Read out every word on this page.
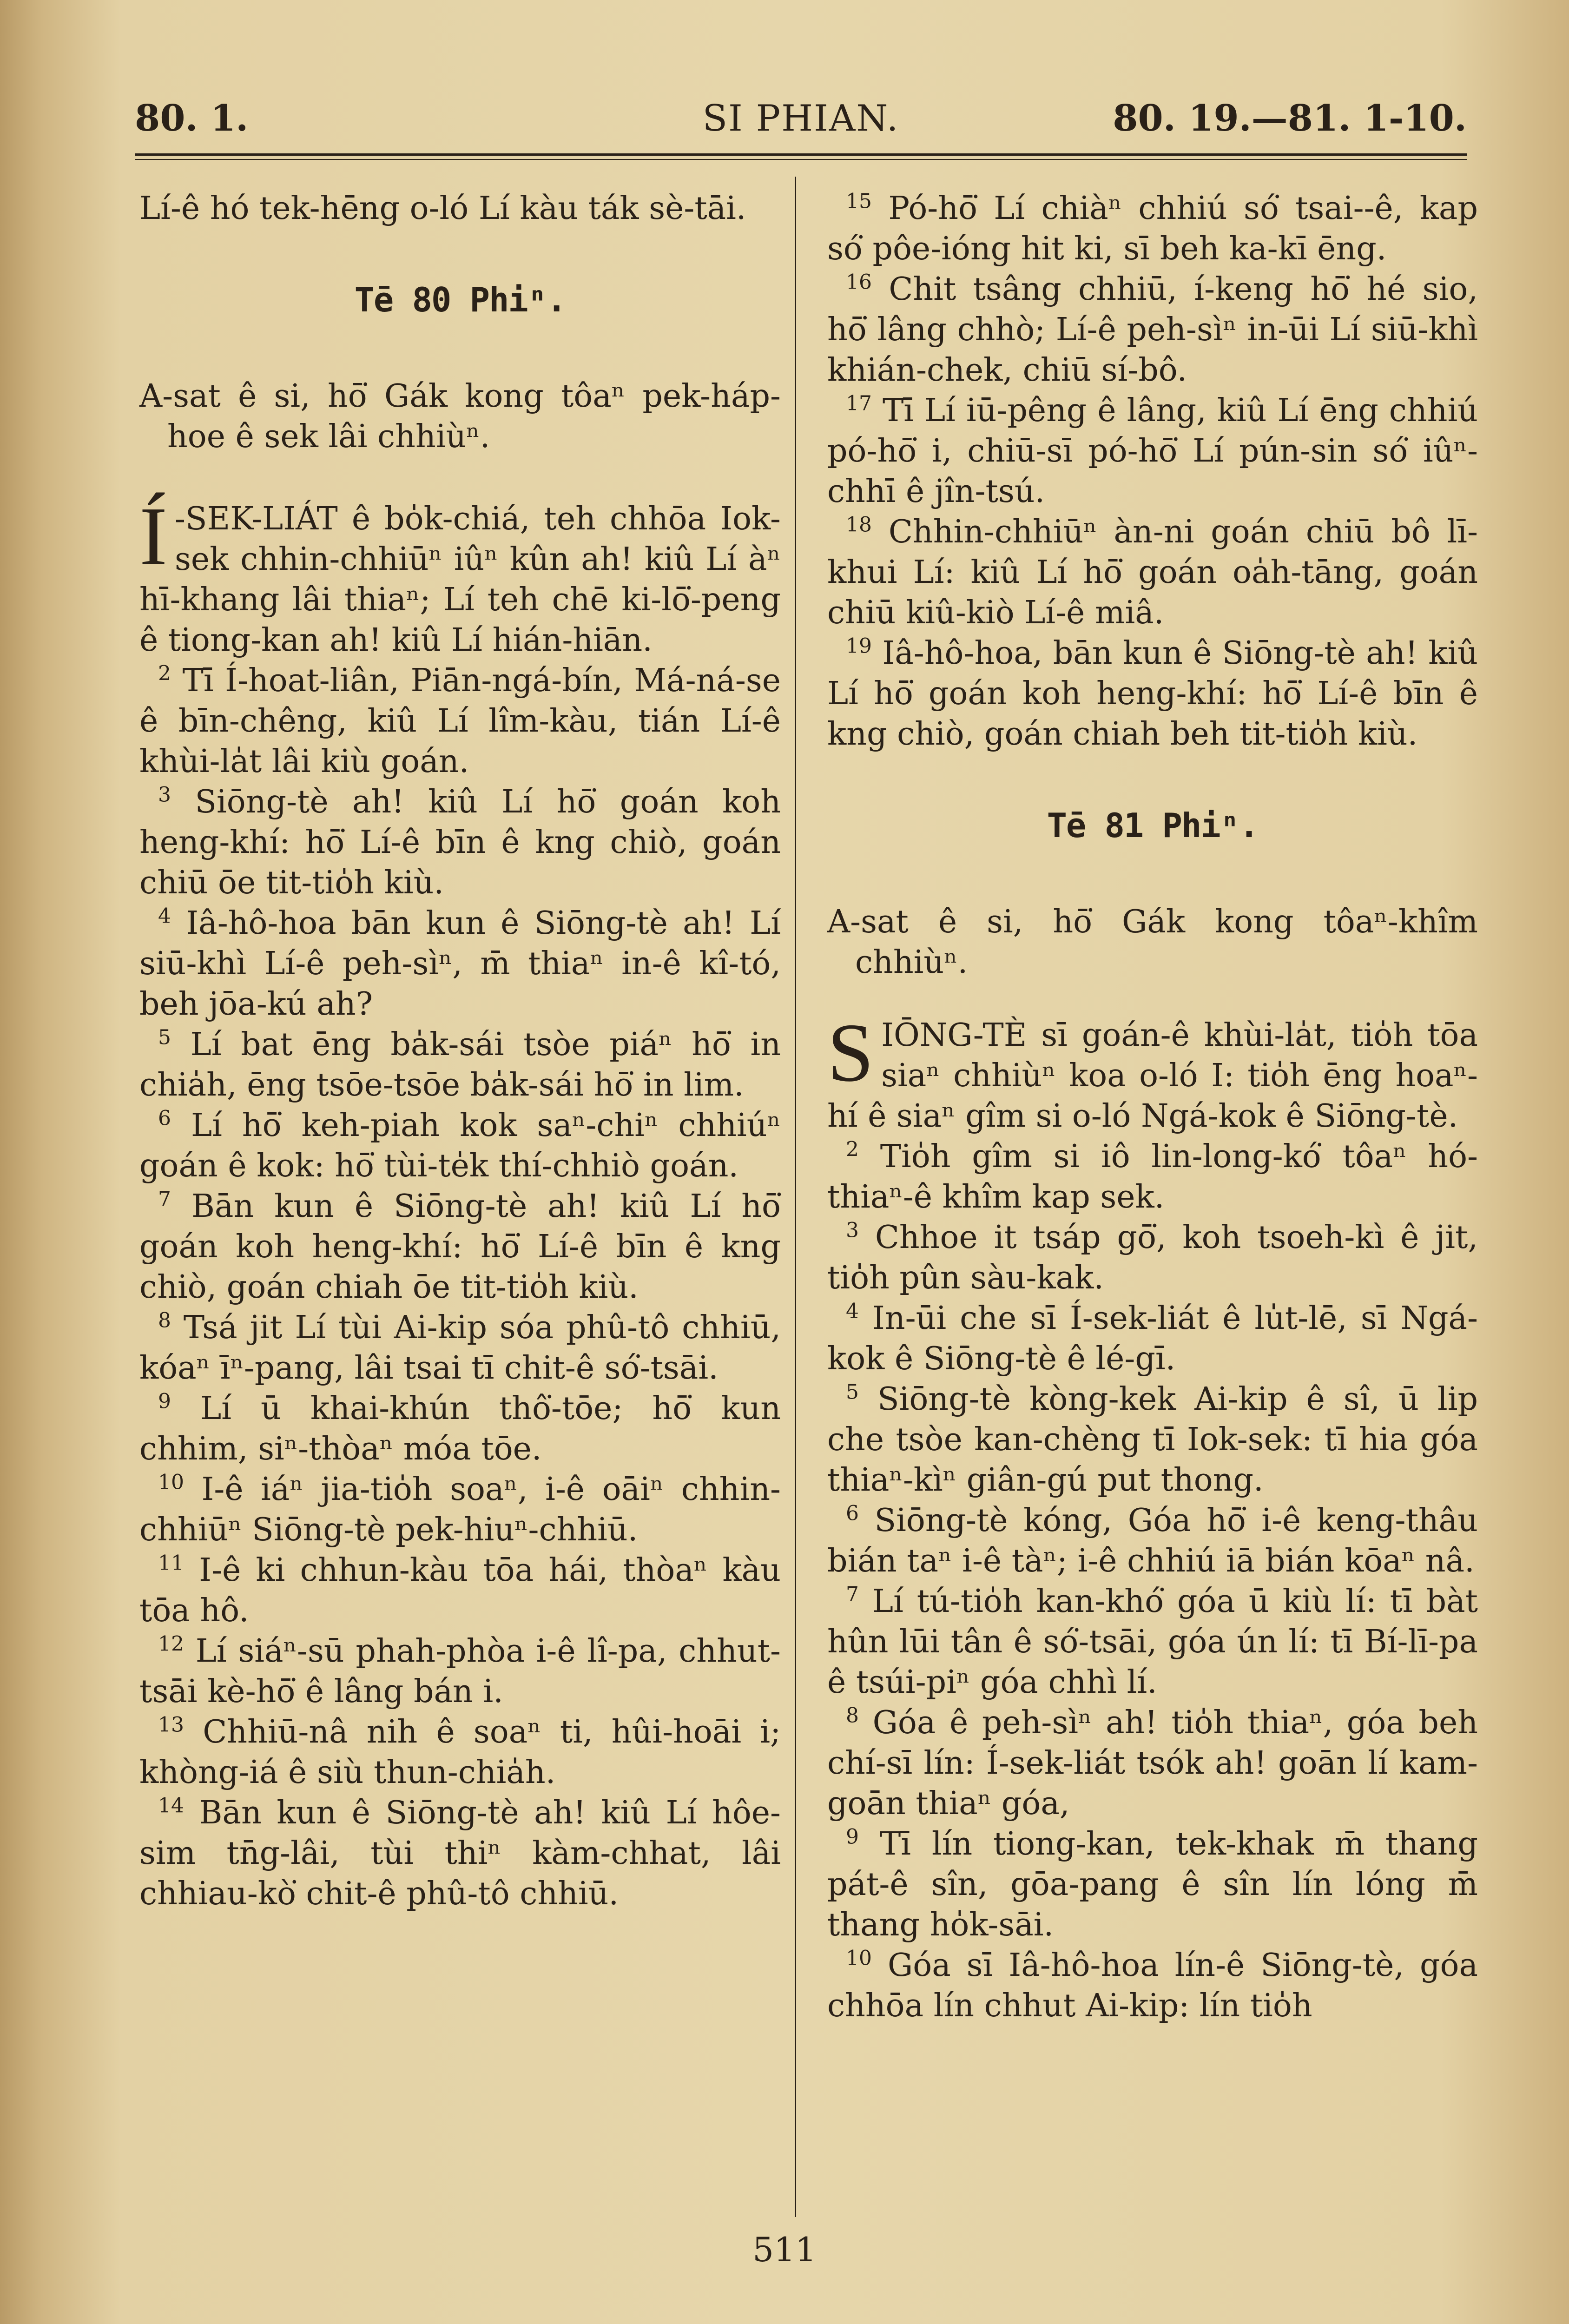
80. 1.	SI PHIAN.	80. 19.—81. 1-10.

Lí-ê hó tek-hēng o-ló Lí kàu ták sè-tāi.

Tē 80 Phiⁿ.

A-sat ê si, hō͘ Gák kong tôaⁿ pek-háp-hoe ê sek lâi chhiùⁿ.

Í -SEK-LIÁT ê bo̍k-chiá, teh chhōa Iok-sek chhin-chhiūⁿ iûⁿ kûn ah! kiû Lí àⁿ hī-khang lâi thiaⁿ; Lí teh chē ki-lō͘-peng ê tiong-kan ah! kiû Lí hián-hiān.

$^2$ Tī Í-hoat-liân, Piān-ngá-bín, Má-ná-se ê bīn-chêng, kiû Lí lîm-kàu, tián Lí-ê khùi-la̍t lâi kiù goán.

$^3$ Siōng-tè ah! kiû Lí hō͘ goán koh heng-khí: hō͘ Lí-ê bīn ê kng chiò, goán chiū ōe tit-tio̍h kiù.

$^4$ Iâ-hô-hoa bān kun ê Siōng-tè ah! Lí siū-khì Lí-ê peh-sìⁿ, m̄ thiaⁿ in-ê kî-tó, beh jōa-kú ah?

$^5$ Lí bat ēng ba̍k-sái tsòe piáⁿ hō͘ in chia̍h, ēng tsōe-tsōe ba̍k-sái hō͘ in lim.

$^6$ Lí hō͘ keh-piah kok saⁿ-chiⁿ chhiúⁿ goán ê kok: hō͘ tùi-te̍k thí-chhiò goán.

$^7$ Bān kun ê Siōng-tè ah! kiû Lí hō͘ goán koh heng-khí: hō͘ Lí-ê bīn ê kng chiò, goán chiah ōe tit-tio̍h kiù.

$^8$ Tsá jit Lí tùi Ai-kip sóa phû-tô chhiū, kóaⁿ īⁿ-pang, lâi tsai tī chit-ê só͘-tsāi.

$^9$ Lí ū khai-khún thô͘-tōe; hō͘ kun chhim, siⁿ-thòaⁿ móa tōe.

$^{10}$ I-ê iáⁿ jia-tio̍h soaⁿ, i-ê oāiⁿ chhin-chhiūⁿ Siōng-tè pek-hiuⁿ-chhiū.

$^{11}$ I-ê ki chhun-kàu tōa hái, thòaⁿ kàu tōa hô.

$^{12}$ Lí siáⁿ-sū phah-phòa i-ê lî-pa, chhut-tsāi kè-hō͘ ê lâng bán i.

$^{13}$ Chhiū-nâ nih ê soaⁿ ti, hûi-hoāi i; khòng-iá ê siù thun-chia̍h.

$^{14}$ Bān kun ê Siōng-tè ah! kiû Lí hôe-sim tn̄g-lâi, tùi thiⁿ kàm-chhat, lâi chhiau-kò͘ chit-ê phû-tô chhiū.

$^{15}$ Pó-hō͘ Lí chiàⁿ chhiú só͘ tsai--ê, kap só͘ pôe-ióng hit ki, sī beh ka-kī ēng.

$^{16}$ Chit tsâng chhiū, í-keng hō͘ hé sio, hō͘ lâng chhò; Lí-ê peh-sìⁿ in-ūi Lí siū-khì khián-chek, chiū sí-bô.

$^{17}$ Tī Lí iū-pêng ê lâng, kiû Lí ēng chhiú pó-hō͘ i, chiū-sī pó-hō͘ Lí pún-sin só͘ iûⁿ-chhī ê jîn-tsú.

$^{18}$ Chhin-chhiūⁿ àn-ni goán chiū bô lī-khui Lí: kiû Lí hō͘ goán oa̍h-tāng, goán chiū kiû-kiò Lí-ê miâ.

$^{19}$ Iâ-hô-hoa, bān kun ê Siōng-tè ah! kiû Lí hō͘ goán koh heng-khí: hō͘ Lí-ê bīn ê kng chiò, goán chiah beh tit-tio̍h kiù.

Tē 81 Phiⁿ.

A-sat ê si, hō͘ Gák kong tôaⁿ-khîm chhiùⁿ.

SIŌNG-TÈ sī goán-ê khùi-la̍t, tio̍h tōa siaⁿ chhiùⁿ koa o-ló I: tio̍h ēng hoaⁿ-hí ê siaⁿ gîm si o-ló Ngá-kok ê Siōng-tè.

$^2$ Tio̍h gîm si iô lin-long-kó͘ tôaⁿ hó-thiaⁿ-ê khîm kap sek.

$^3$ Chhoe it tsáp gō͘, koh tsoeh-kì ê jit, tio̍h pûn sàu-kak.

$^4$ In-ūi che sī Í-sek-liát ê lu̍t-lē, sī Ngá-kok ê Siōng-tè ê lé-gī.

$^5$ Siōng-tè kòng-kek Ai-kip ê sî, ū lip che tsòe kan-chèng tī Iok-sek: tī hia góa thiaⁿ-kìⁿ giân-gú put thong.

$^6$ Siōng-tè kóng, Góa hō͘ i-ê keng-thâu bián taⁿ i-ê tàⁿ; i-ê chhiú iā bián kōaⁿ nâ.

$^7$ Lí tú-tio̍h kan-khó͘ góa ū kiù lí: tī bàt hûn lūi tân ê só͘-tsāi, góa ún lí: tī Bí-lī-pa ê tsúi-piⁿ góa chhì lí.

$^8$ Góa ê peh-sìⁿ ah! tio̍h thiaⁿ, góa beh chí-sī lín: Í-sek-liát tsók ah! goān lí kam-goān thiaⁿ góa,

$^9$ Tī lín tiong-kan, tek-khak m̄ thang pát-ê sîn, gōa-pang ê sîn lín lóng m̄ thang ho̍k-sāi.

$^{10}$ Góa sī Iâ-hô-hoa lín-ê Siōng-tè, góa chhōa lín chhut Ai-kip: lín tio̍h

511
